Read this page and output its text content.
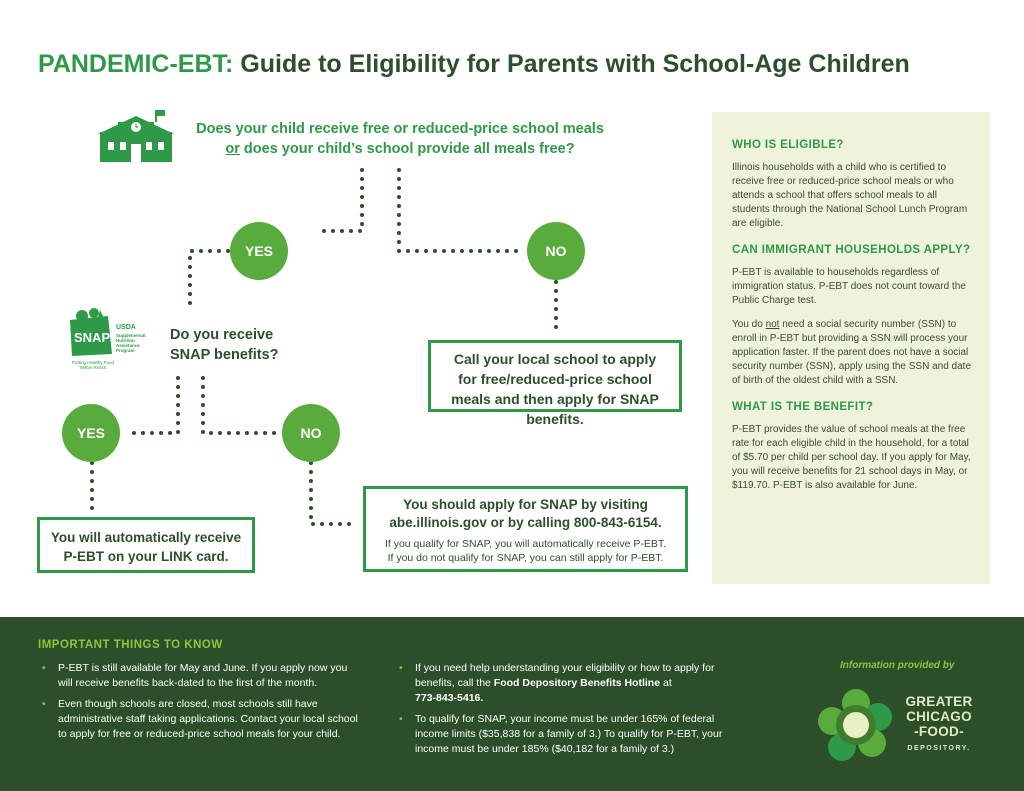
PANDEMIC-EBT: Guide to Eligibility for Parents with School-Age Children
Does your child receive free or reduced-price school meals
or does your child’s school provide all meals free?
YES	NO
SNAP
USDA
Supplemental Nutrition Assistance Program
Putting Healthy Food Within Reach
Do you receive SNAP benefits?	Call your local school to apply for free/reduced-price school meals and then apply for SNAP benefits.
YES	NO
You will automatically receive P-EBT on your LINK card.
You should apply for SNAP by visiting abe.illinois.gov or by calling 800-843-6154.
If you qualify for SNAP, you will automatically receive P-EBT.
If you do not qualify for SNAP, you can still apply for P-EBT.
WHO IS ELIGIBLE?

Illinois households with a child who is certified to receive free or reduced-price school meals or who attends a school that offers school meals to all students through the National School Lunch Program are eligible.

CAN IMMIGRANT HOUSEHOLDS APPLY?

P-EBT is available to households regardless of immigration status. P-EBT does not count toward the Public Charge test.

You do not need a social security number (SSN) to enroll in P-EBT but providing a SSN will process your application faster. If the parent does not have a social security number (SSN), apply using the SSN and date of birth of the oldest child with a SSN.

WHAT IS THE BENEFIT?

P-EBT provides the value of school meals at the free rate for each eligible child in the household, for a total of $5.70 per child per school day. If you apply for May, you will receive benefits for 21 school days in May, or $119.70. P-EBT is also available for June.

IMPORTANT THINGS TO KNOW
• P-EBT is still available for May and June. If you apply now you will receive benefits back-dated to the first of the month.
• Even though schools are closed, most schools still have administrative staff taking applications. Contact your local school to apply for free or reduced-price school meals for your child.
• If you need help understanding your eligibility or how to apply for benefits, call the Food Depository Benefits Hotline at
773-843-5416.
• To qualify for SNAP, your income must be under 165% of federal income limits ($35,838 for a family of 3.) To qualify for P-EBT, your income must be under 185% ($40,182 for a family of 3.)
Information provided by
GREATER
CHICAGO
-FOOD-
DEPOSITORY.
